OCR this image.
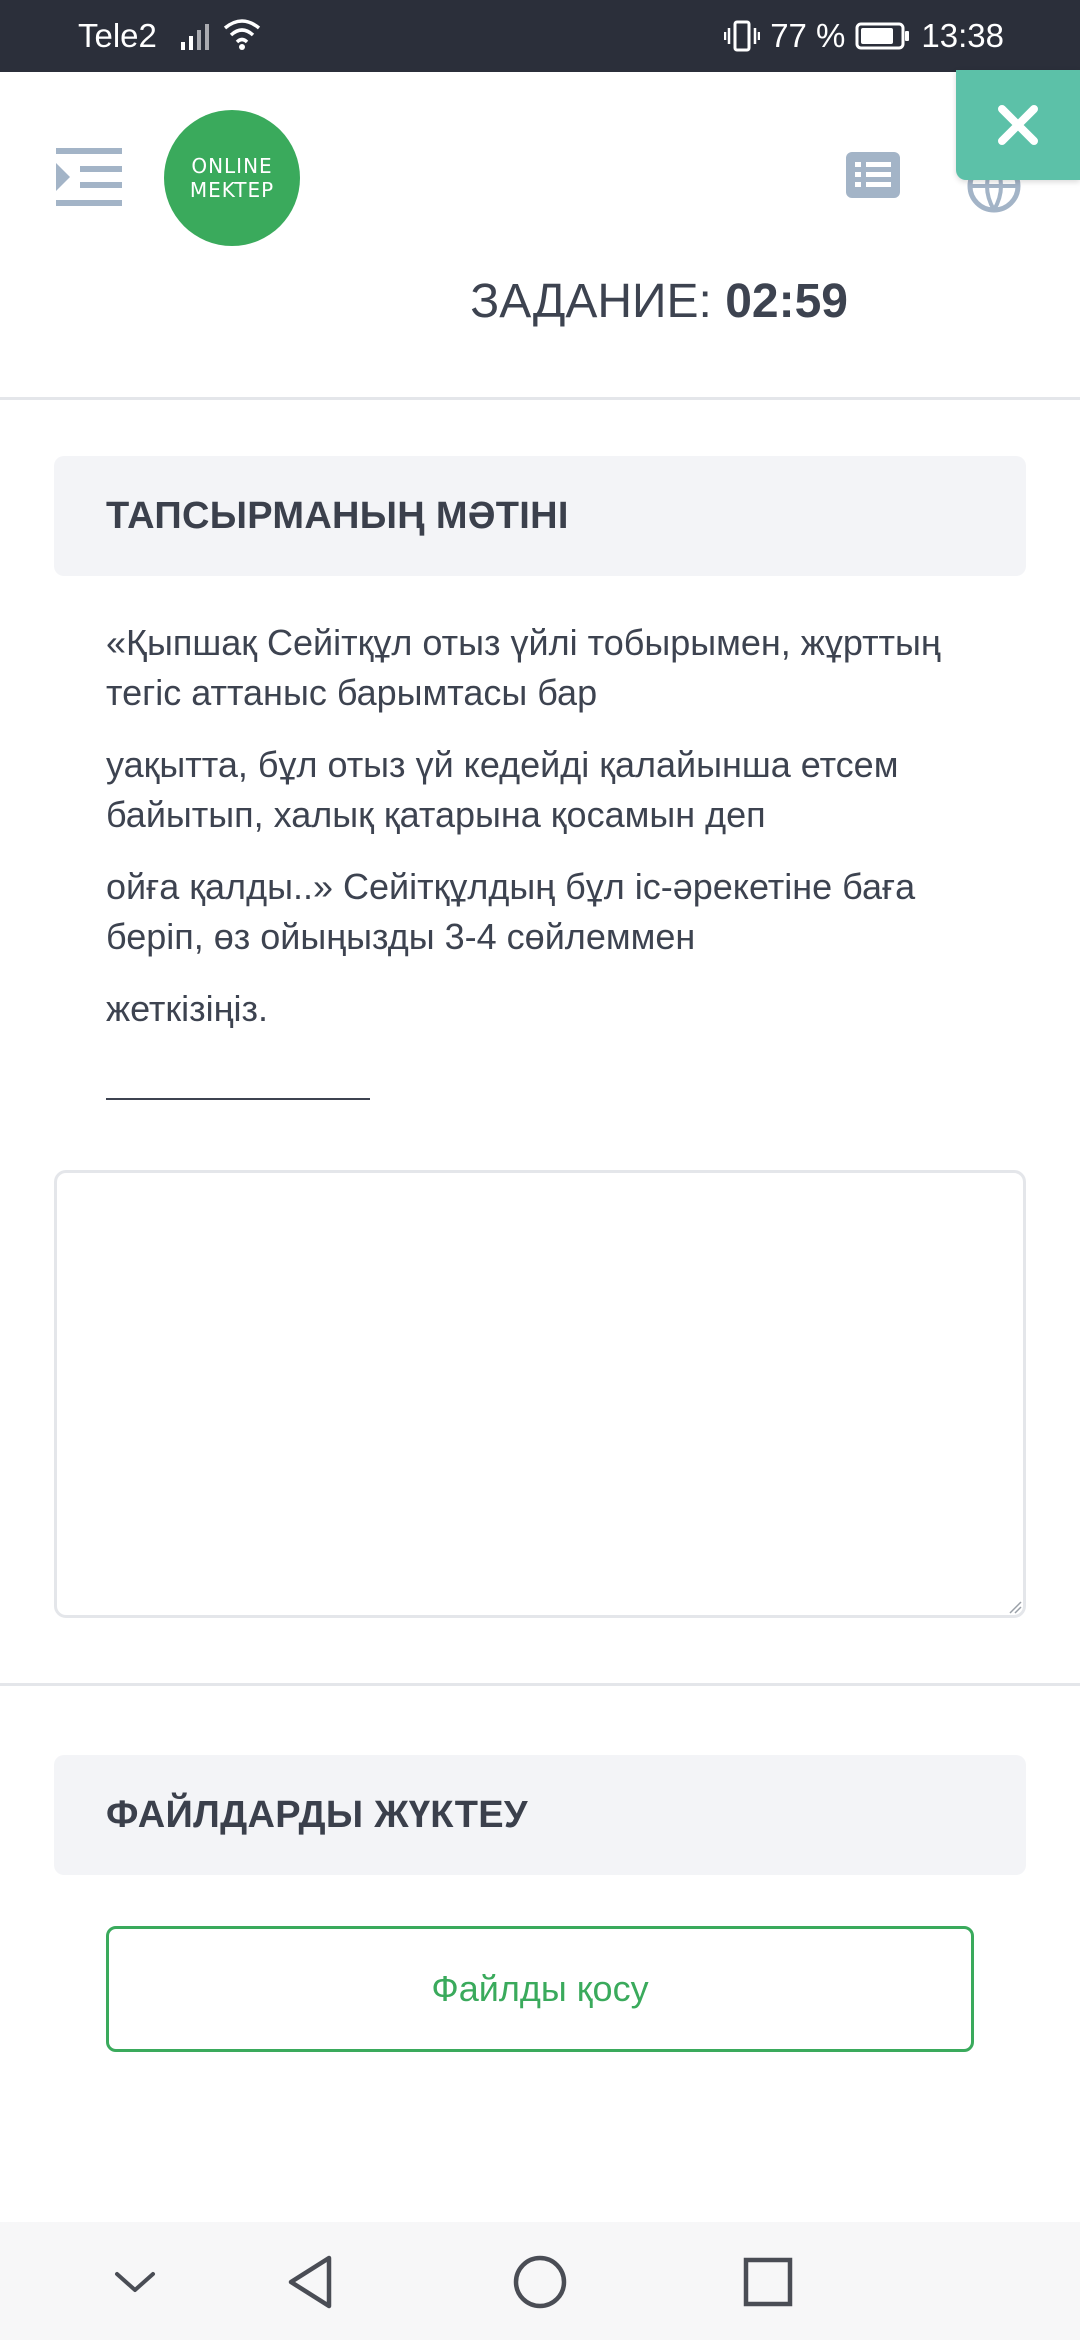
Tele2	77 % 13:38
ONLINE
MEKTEP
ЗАДАНИЕ: 02:59
ТАПСЫРМАНЫҢ МӘТІНІ

«Қыпшақ Сейітқұл отыз үйлі тобырымен, жұрттың тегіс аттаныс барымтасы бар

уақытта, бұл отыз үй кедейді қалайынша етсем байытып, халық қатарына қосамын деп

ойға қалды..» Сейітқұлдың бұл іс-әрекетіне баға беріп, өз ойыңызды 3-4 сөйлеммен

жеткізіңіз.

ФАЙЛДАРДЫ ЖҮКТЕУ
Файлды қосу
